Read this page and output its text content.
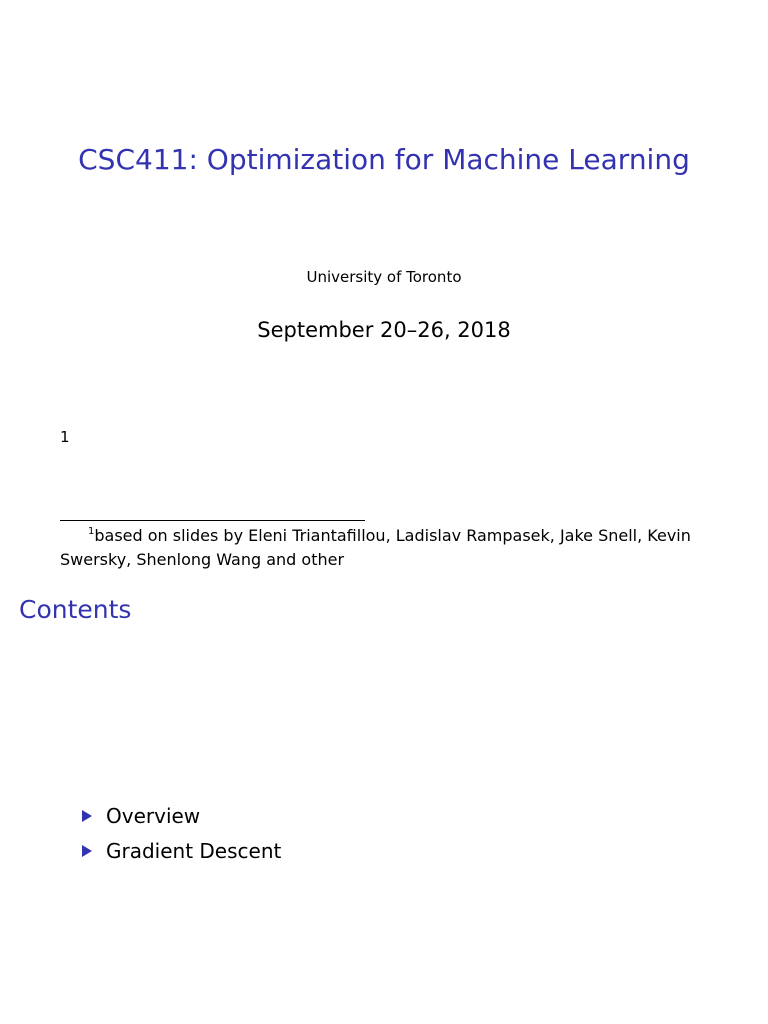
CSC411: Optimization for Machine Learning
University of Toronto
September 20–26, 2018
1
$^1$based on slides by Eleni Triantafillou, Ladislav Rampasek, Jake Snell, Kevin Swersky, Shenlong Wang and other
Contents
Overview
Gradient Descent
